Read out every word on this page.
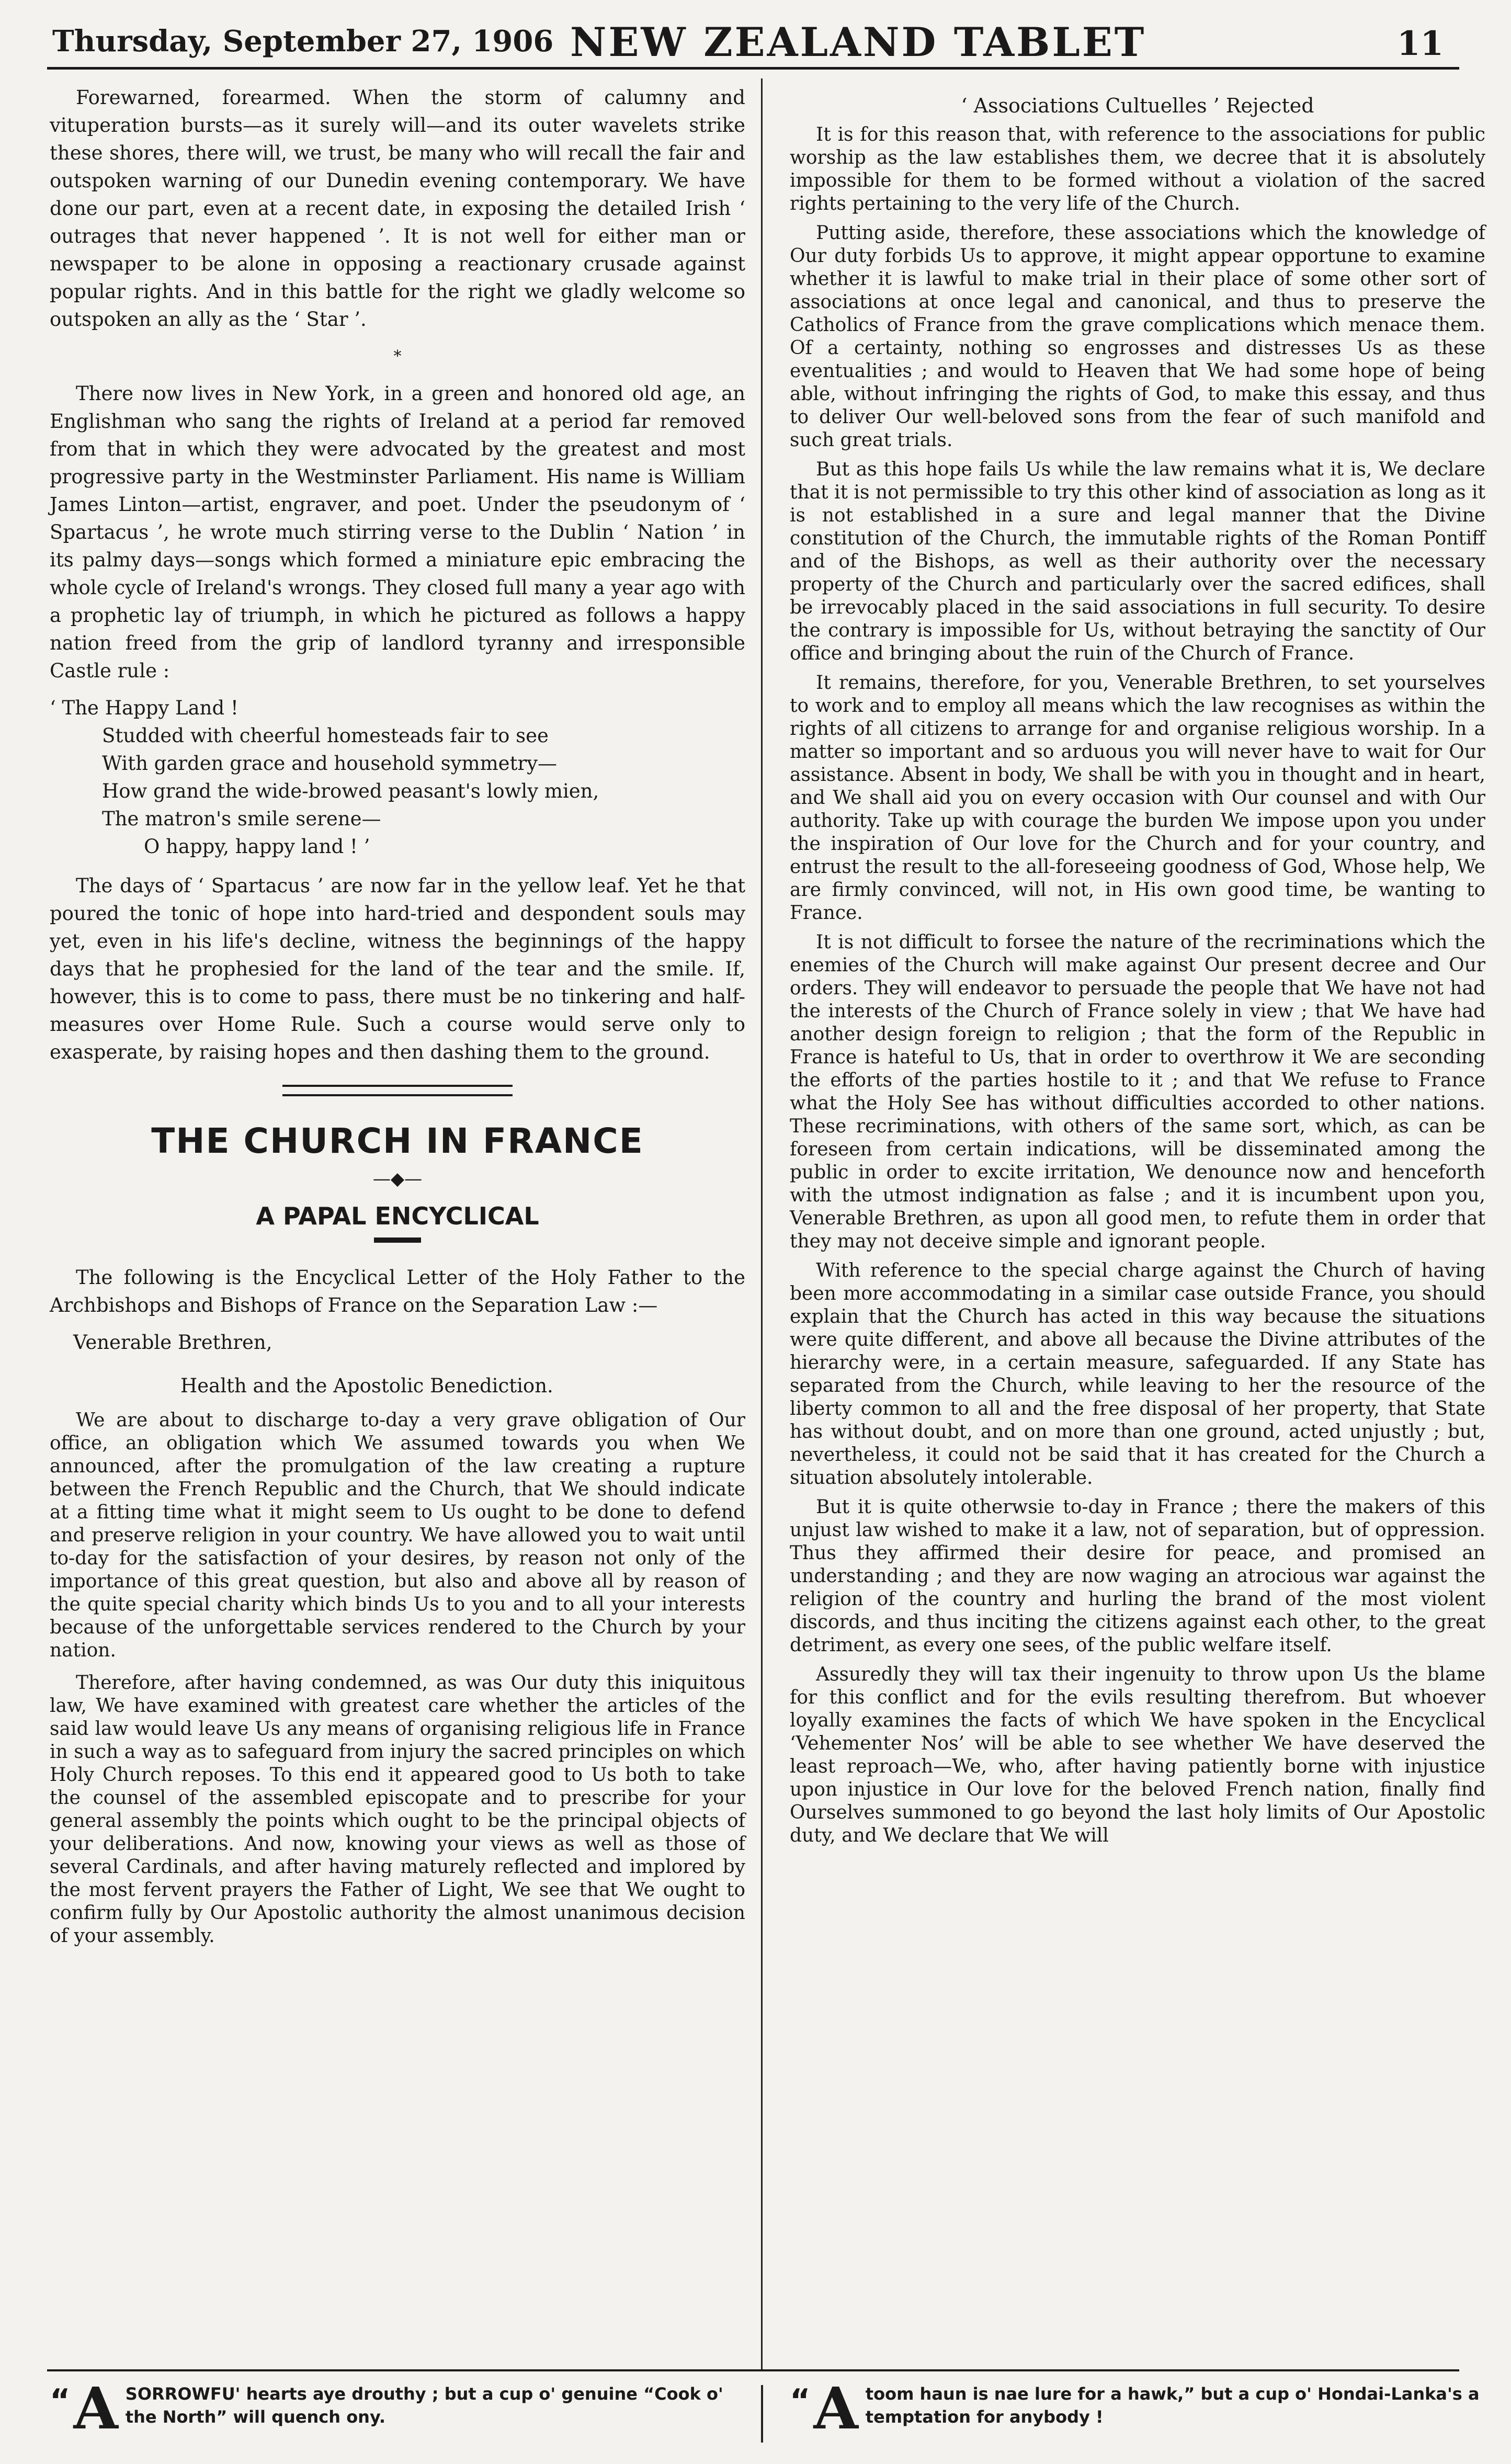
Thursday, September 27, 1906 NEW ZEALAND TABLET	11

Forewarned, forearmed. When the storm of calumny and vituperation bursts—as it surely will—and its outer wavelets strike these shores, there will, we trust, be many who will recall the fair and outspoken warning of our Dunedin evening contemporary. We have done our part, even at a recent date, in exposing the detailed Irish ‘ outrages that never happened ’. It is not well for either man or newspaper to be alone in opposing a reactionary crusade against popular rights. And in this battle for the right we gladly welcome so outspoken an ally as the ‘ Star ’.

*

There now lives in New York, in a green and honored old age, an Englishman who sang the rights of Ireland at a period far removed from that in which they were advocated by the greatest and most progressive party in the Westminster Parliament. His name is William James Linton—artist, engraver, and poet. Under the pseudonym of ‘ Spartacus ’, he wrote much stirring verse to the Dublin ‘ Nation ’ in its palmy days—songs which formed a miniature epic embracing the whole cycle of Ireland's wrongs. They closed full many a year ago with a prophetic lay of triumph, in which he pictured as follows a happy nation freed from the grip of landlord tyranny and irresponsible Castle rule :

‘ The Happy Land !
Studded with cheerful homesteads fair to see
With garden grace and household symmetry—
How grand the wide-browed peasant's lowly mien,
The matron's smile serene—
O happy, happy land ! ’

The days of ‘ Spartacus ’ are now far in the yellow leaf. Yet he that poured the tonic of hope into hard-tried and despondent souls may yet, even in his life's decline, witness the beginnings of the happy days that he prophesied for the land of the tear and the smile. If, however, this is to come to pass, there must be no tinkering and half-measures over Home Rule. Such a course would serve only to exasperate, by raising hopes and then dashing them to the ground.

THE CHURCH IN FRANCE
—◆—
A PAPAL ENCYCLICAL

The following is the Encyclical Letter of the Holy Father to the Archbishops and Bishops of France on the Separation Law :—

Venerable Brethren,

Health and the Apostolic Benediction.

We are about to discharge to-day a very grave obligation of Our office, an obligation which We assumed towards you when We announced, after the promulgation of the law creating a rupture between the French Republic and the Church, that We should indicate at a fitting time what it might seem to Us ought to be done to defend and preserve religion in your country. We have allowed you to wait until to-day for the satisfaction of your desires, by reason not only of the importance of this great question, but also and above all by reason of the quite special charity which binds Us to you and to all your interests because of the unforgettable services rendered to the Church by your nation.

Therefore, after having condemned, as was Our duty this iniquitous law, We have examined with greatest care whether the articles of the said law would leave Us any means of organising religious life in France in such a way as to safeguard from injury the sacred principles on which Holy Church reposes. To this end it appeared good to Us both to take the counsel of the assembled episcopate and to prescribe for your general assembly the points which ought to be the principal objects of your deliberations. And now, knowing your views as well as those of several Cardinals, and after having maturely reflected and implored by the most fervent prayers the Father of Light, We see that We ought to confirm fully by Our Apostolic authority the almost unanimous decision of your assembly.

‘ Associations Cultuelles ’ Rejected

It is for this reason that, with reference to the associations for public worship as the law establishes them, we decree that it is absolutely impossible for them to be formed without a violation of the sacred rights pertaining to the very life of the Church.

Putting aside, therefore, these associations which the knowledge of Our duty forbids Us to approve, it might appear opportune to examine whether it is lawful to make trial in their place of some other sort of associations at once legal and canonical, and thus to preserve the Catholics of France from the grave complications which menace them. Of a certainty, nothing so engrosses and distresses Us as these eventualities ; and would to Heaven that We had some hope of being able, without infringing the rights of God, to make this essay, and thus to deliver Our well-beloved sons from the fear of such manifold and such great trials.

But as this hope fails Us while the law remains what it is, We declare that it is not permissible to try this other kind of association as long as it is not established in a sure and legal manner that the Divine constitution of the Church, the immutable rights of the Roman Pontiff and of the Bishops, as well as their authority over the necessary property of the Church and particularly over the sacred edifices, shall be irrevocably placed in the said associations in full security. To desire the contrary is impossible for Us, without betraying the sanctity of Our office and bringing about the ruin of the Church of France.

It remains, therefore, for you, Venerable Brethren, to set yourselves to work and to employ all means which the law recognises as within the rights of all citizens to arrange for and organise religious worship. In a matter so important and so arduous you will never have to wait for Our assistance. Absent in body, We shall be with you in thought and in heart, and We shall aid you on every occasion with Our counsel and with Our authority. Take up with courage the burden We impose upon you under the inspiration of Our love for the Church and for your country, and entrust the result to the all-foreseeing goodness of God, Whose help, We are firmly convinced, will not, in His own good time, be wanting to France.

It is not difficult to forsee the nature of the recriminations which the enemies of the Church will make against Our present decree and Our orders. They will endeavor to persuade the people that We have not had the interests of the Church of France solely in view ; that We have had another design foreign to religion ; that the form of the Republic in France is hateful to Us, that in order to overthrow it We are seconding the efforts of the parties hostile to it ; and that We refuse to France what the Holy See has without difficulties accorded to other nations. These recriminations, with others of the same sort, which, as can be foreseen from certain indications, will be disseminated among the public in order to excite irritation, We denounce now and henceforth with the utmost indignation as false ; and it is incumbent upon you, Venerable Brethren, as upon all good men, to refute them in order that they may not deceive simple and ignorant people.

With reference to the special charge against the Church of having been more accommodating in a similar case outside France, you should explain that the Church has acted in this way because the situations were quite different, and above all because the Divine attributes of the hierarchy were, in a certain measure, safeguarded. If any State has separated from the Church, while leaving to her the resource of the liberty common to all and the free disposal of her property, that State has without doubt, and on more than one ground, acted unjustly ; but, nevertheless, it could not be said that it has created for the Church a situation absolutely intolerable.

But it is quite otherwsie to-day in France ; there the makers of this unjust law wished to make it a law, not of separation, but of oppression. Thus they affirmed their desire for peace, and promised an understanding ; and they are now waging an atrocious war against the religion of the country and hurling the brand of the most violent discords, and thus inciting the citizens against each other, to the great detriment, as every one sees, of the public welfare itself.

Assuredly they will tax their ingenuity to throw upon Us the blame for this conflict and for the evils resulting therefrom. But whoever loyally examines the facts of which We have spoken in the Encyclical ‘Vehementer Nos’ will be able to see whether We have deserved the least reproach—We, who, after having patiently borne with injustice upon injustice in Our love for the beloved French nation, finally find Ourselves summoned to go beyond the last holy limits of Our Apostolic duty, and We declare that We will

“ A SORROWFU' hearts aye drouthy ; but a cup o' genuine “Cook o' the North” will quench ony.	“ A toom haun is nae lure for a hawk,” but a cup o' Hondai-Lanka's a temptation for anybody !
